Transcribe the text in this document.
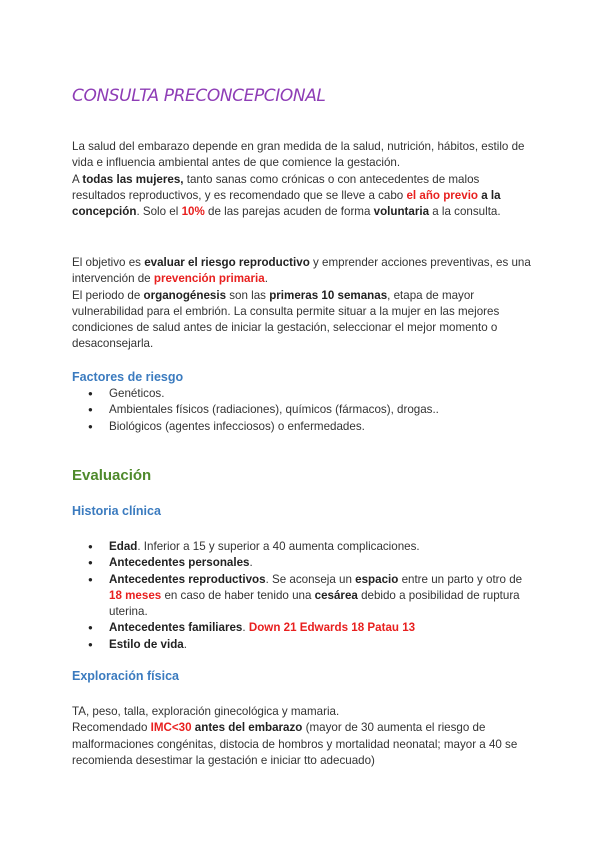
CONSULTA PRECONCEPCIONAL
La salud del embarazo depende en gran medida de la salud, nutrición, hábitos, estilo de vida e influencia ambiental antes de que comience la gestación.
A todas las mujeres, tanto sanas como crónicas o con antecedentes de malos resultados reproductivos, y es recomendado que se lleve a cabo el año previo a la concepción. Solo el 10% de las parejas acuden de forma voluntaria a la consulta.
El objetivo es evaluar el riesgo reproductivo y emprender acciones preventivas, es una intervención de prevención primaria.
El periodo de organogénesis son las primeras 10 semanas, etapa de mayor vulnerabilidad para el embrión. La consulta permite situar a la mujer en las mejores condiciones de salud antes de iniciar la gestación, seleccionar el mejor momento o desaconsejarla.
Factores de riesgo
● Genéticos.
● Ambientales físicos (radiaciones), químicos (fármacos), drogas..
● Biológicos (agentes infecciosos) o enfermedades.
Evaluación
Historia clínica
● Edad. Inferior a 15 y superior a 40 aumenta complicaciones.
● Antecedentes personales.
● Antecedentes reproductivos. Se aconseja un espacio entre un parto y otro de 18 meses en caso de haber tenido una cesárea debido a posibilidad de ruptura uterina.
● Antecedentes familiares. Down 21 Edwards 18 Patau 13
● Estilo de vida.
Exploración física
TA, peso, talla, exploración ginecológica y mamaria.
Recomendado IMC<30 antes del embarazo (mayor de 30 aumenta el riesgo de malformaciones congénitas, distocia de hombros y mortalidad neonatal; mayor a 40 se recomienda desestimar la gestación e iniciar tto adecuado)
